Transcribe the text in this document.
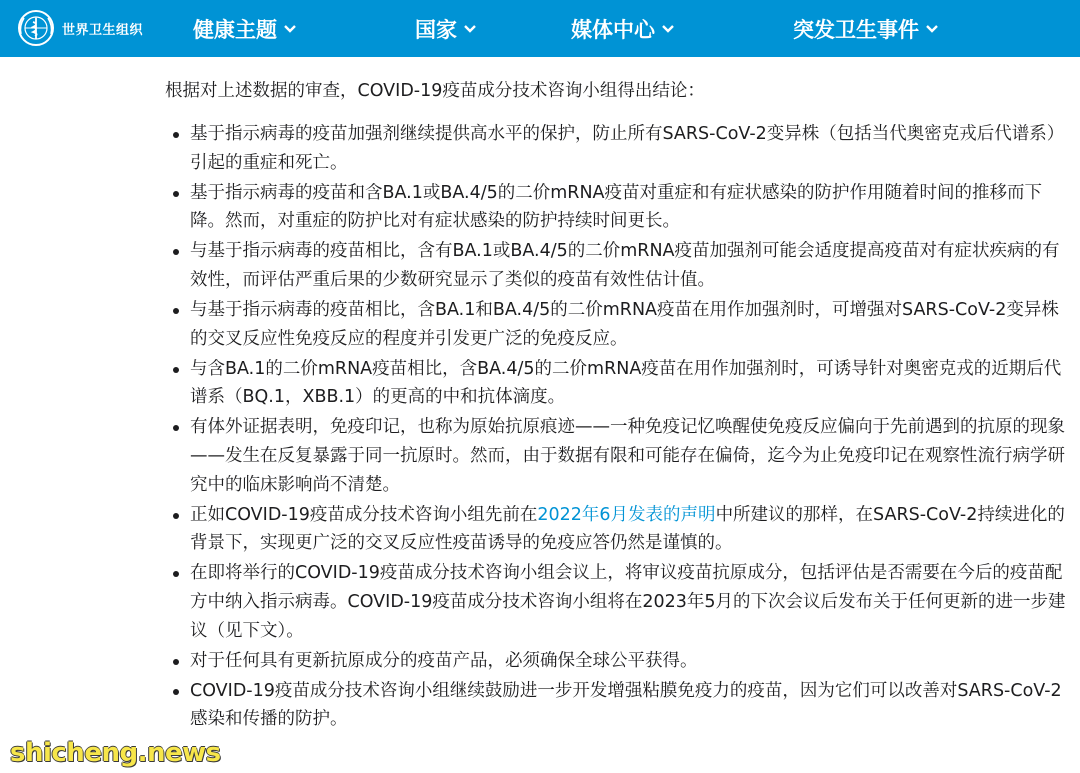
世界卫生组织 健康主题	国家	媒体中心	突发卫生事件

根据对上述数据的审查，COVID-19疫苗成分技术咨询小组得出结论：

基于指示病毒的疫苗加强剂继续提供高水平的保护，防止所有SARS-CoV-2变异株（包括当代奥密克戎后代谱系）引起的重症和死亡。
基于指示病毒的疫苗和含BA.1或BA.4/5的二价mRNA疫苗对重症和有症状感染的防护作用随着时间的推移而下降。然而，对重症的防护比对有症状感染的防护持续时间更长。
与基于指示病毒的疫苗相比，含有BA.1或BA.4/5的二价mRNA疫苗加强剂可能会适度提高疫苗对有症状疾病的有效性，而评估严重后果的少数研究显示了类似的疫苗有效性估计值。
与基于指示病毒的疫苗相比，含BA.1和BA.4/5的二价mRNA疫苗在用作加强剂时，可增强对SARS-CoV-2变异株的交叉反应性免疫反应的程度并引发更广泛的免疫反应。
与含BA.1的二价mRNA疫苗相比，含BA.4/5的二价mRNA疫苗在用作加强剂时，可诱导针对奥密克戎的近期后代谱系（BQ.1，XBB.1）的更高的中和抗体滴度。
有体外证据表明，免疫印记，也称为原始抗原痕迹——一种免疫记忆唤醒使免疫反应偏向于先前遇到的抗原的现象——发生在反复暴露于同一抗原时。然而，由于数据有限和可能存在偏倚，迄今为止免疫印记在观察性流行病学研究中的临床影响尚不清楚。
正如COVID-19疫苗成分技术咨询小组先前在2022年6月发表的声明中所建议的那样，在SARS-CoV-2持续进化的背景下，实现更广泛的交叉反应性疫苗诱导的免疫应答仍然是谨慎的。
在即将举行的COVID-19疫苗成分技术咨询小组会议上，将审议疫苗抗原成分，包括评估是否需要在今后的疫苗配方中纳入指示病毒。COVID-19疫苗成分技术咨询小组将在2023年5月的下次会议后发布关于任何更新的进一步建议（见下文）。
对于任何具有更新抗原成分的疫苗产品，必须确保全球公平获得。
COVID-19疫苗成分技术咨询小组继续鼓励进一步开发增强粘膜免疫力的疫苗，因为它们可以改善对SARS-CoV-2感染和传播的防护。
shicheng.news
